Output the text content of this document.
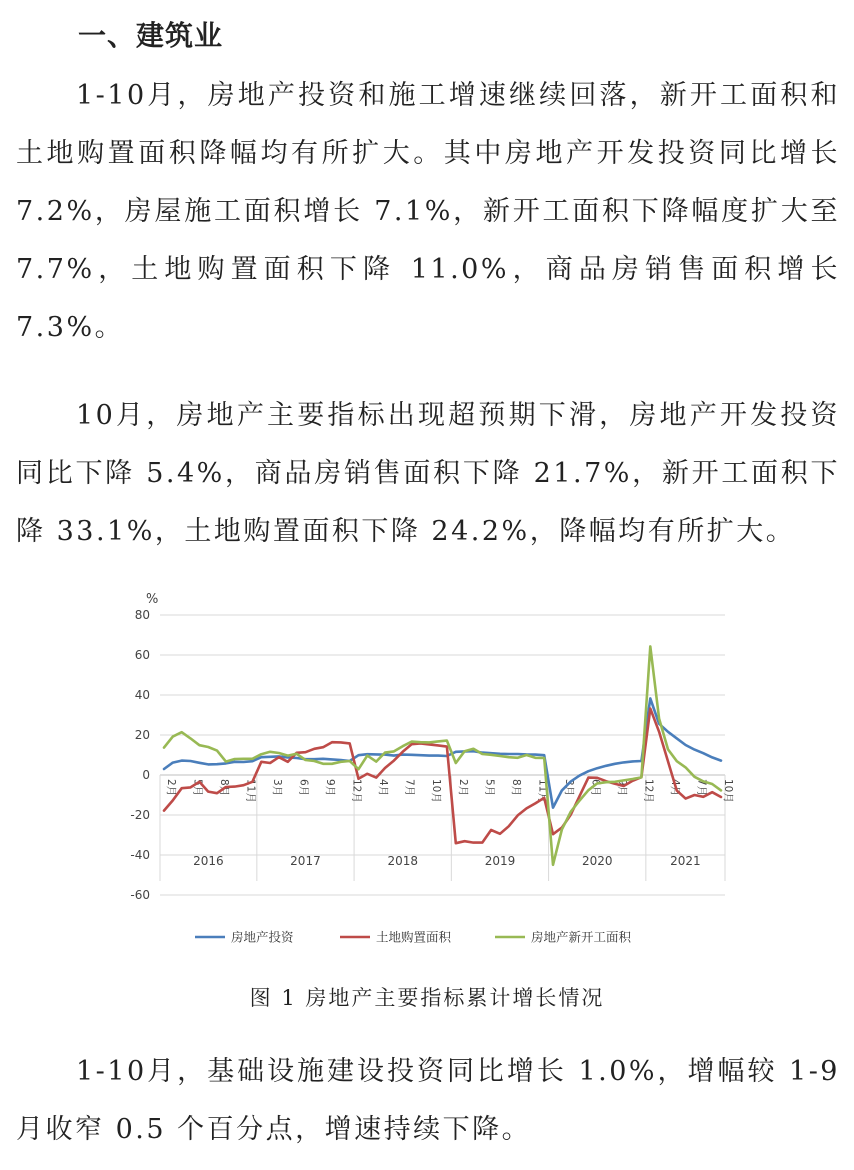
一、建筑业

1-10月，房地产投资和施工增速继续回落，新开工面积和土地购置面积降幅均有所扩大。其中房地产开发投资同比增长 7.2%，房屋施工面积增长 7.1%，新开工面积下降幅度扩大至7.7%，土地购置面积下降 11.0%，商品房销售面积增长 7.3%。

10月，房地产主要指标出现超预期下滑，房地产开发投资同比下降 5.4%，商品房销售面积下降 21.7%，新开工面积下降 33.1%，土地购置面积下降 24.2%，降幅均有所扩大。

80
60
40
20
0
-20
-40
-60
%
2016	2017	2018	2019	2020	2021
2月 5月 8月 11月 3月 6月 9月 12月 4月 7月 10月 2月 5月 8月 11月 3月 6月 9月 12月 4月 7月 10月
房地产投资	土地购置面积	房地产新开工面积
图 1 房地产主要指标累计增长情况

1-10月，基础设施建设投资同比增长 1.0%，增幅较 1-9月收窄 0.5 个百分点，增速持续下降。
